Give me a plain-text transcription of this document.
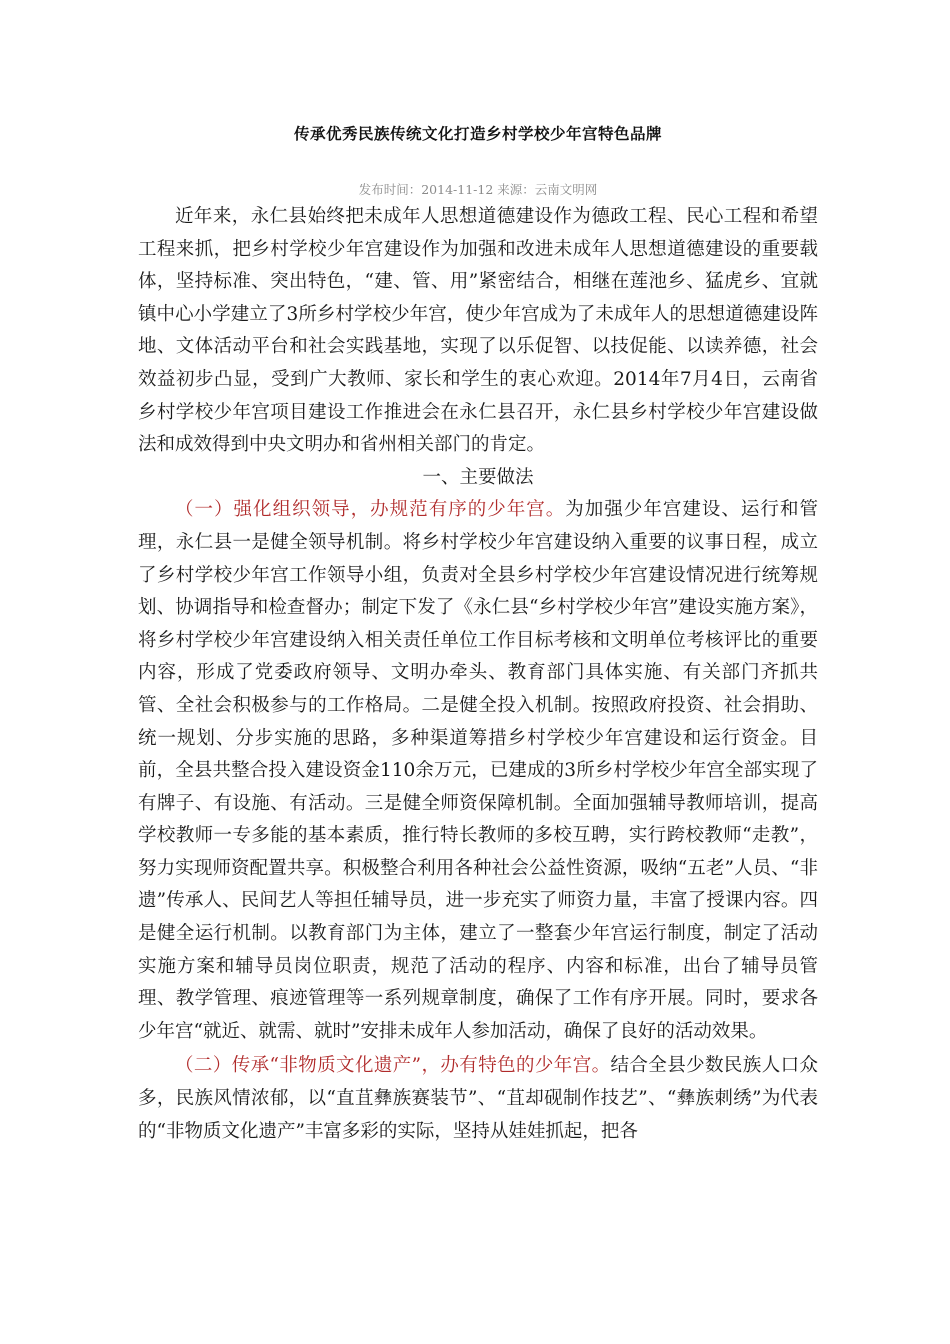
传承优秀民族传统文化打造乡村学校少年宫特色品牌
发布时间：2014-11-12 来源：云南文明网

近年来，永仁县始终把未成年人思想道德建设作为德政工程、民心工程和希望工程来抓，把乡村学校少年宫建设作为加强和改进未成年人思想道德建设的重要载体，坚持标准、突出特色，“建、管、用”紧密结合，相继在莲池乡、猛虎乡、宜就镇中心小学建立了3所乡村学校少年宫，使少年宫成为了未成年人的思想道德建设阵地、文体活动平台和社会实践基地，实现了以乐促智、以技促能、以读养德，社会效益初步凸显，受到广大教师、家长和学生的衷心欢迎。2014年7月4日，云南省乡村学校少年宫项目建设工作推进会在永仁县召开，永仁县乡村学校少年宫建设做法和成效得到中央文明办和省州相关部门的肯定。

一、主要做法

（一）强化组织领导，办规范有序的少年宫。为加强少年宫建设、运行和管理，永仁县一是健全领导机制。将乡村学校少年宫建设纳入重要的议事日程，成立了乡村学校少年宫工作领导小组，负责对全县乡村学校少年宫建设情况进行统筹规划、协调指导和检查督办；制定下发了《永仁县“乡村学校少年宫”建设实施方案》，将乡村学校少年宫建设纳入相关责任单位工作目标考核和文明单位考核评比的重要内容，形成了党委政府领导、文明办牵头、教育部门具体实施、有关部门齐抓共管、全社会积极参与的工作格局。二是健全投入机制。按照政府投资、社会捐助、统一规划、分步实施的思路，多种渠道筹措乡村学校少年宫建设和运行资金。目前，全县共整合投入建设资金110余万元，已建成的3所乡村学校少年宫全部实现了有牌子、有设施、有活动。三是健全师资保障机制。全面加强辅导教师培训，提高学校教师一专多能的基本素质，推行特长教师的多校互聘，实行跨校教师“走教”，努力实现师资配置共享。积极整合利用各种社会公益性资源，吸纳“五老”人员、“非遗”传承人、民间艺人等担任辅导员，进一步充实了师资力量，丰富了授课内容。四是健全运行机制。以教育部门为主体，建立了一整套少年宫运行制度，制定了活动实施方案和辅导员岗位职责，规范了活动的程序、内容和标准，出台了辅导员管理、教学管理、痕迹管理等一系列规章制度，确保了工作有序开展。同时，要求各少年宫“就近、就需、就时”安排未成年人参加活动，确保了良好的活动效果。

（二）传承“非物质文化遗产”，办有特色的少年宫。结合全县少数民族人口众多，民族风情浓郁，以“直苴彝族赛装节”、“苴却砚制作技艺”、“彝族刺绣”为代表的“非物质文化遗产”丰富多彩的实际，坚持从娃娃抓起，把各
